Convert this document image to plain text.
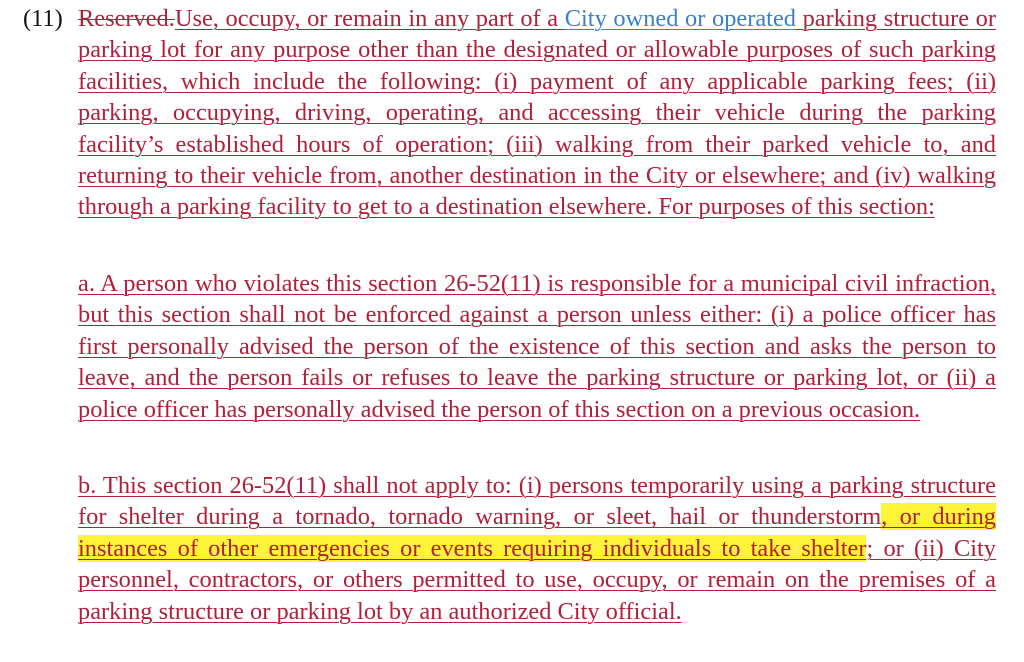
(11) Reserved.Use, occupy, or remain in any part of a City owned or operated parking structure or parking lot for any purpose other than the designated or allowable purposes of such parking facilities, which include the following: (i) payment of any applicable parking fees; (ii) parking, occupying, driving, operating, and accessing their vehicle during the parking facility’s established hours of operation; (iii) walking from their parked vehicle to, and returning to their vehicle from, another destination in the City or elsewhere; and (iv) walking through a parking facility to get to a destination elsewhere. For purposes of this section:

a. A person who violates this section 26-52(11) is responsible for a municipal civil infraction, but this section shall not be enforced against a person unless either: (i) a police officer has first personally advised the person of the existence of this section and asks the person to leave, and the person fails or refuses to leave the parking structure or parking lot, or (ii) a police officer has personally advised the person of this section on a previous occasion.

b. This section 26-52(11) shall not apply to: (i) persons temporarily using a parking structure for shelter during a tornado, tornado warning, or sleet, hail or thunderstorm, or during instances of other emergencies or events requiring individuals to take shelter; or (ii) City personnel, contractors, or others permitted to use, occupy, or remain on the premises of a parking structure or parking lot by an authorized City official.
